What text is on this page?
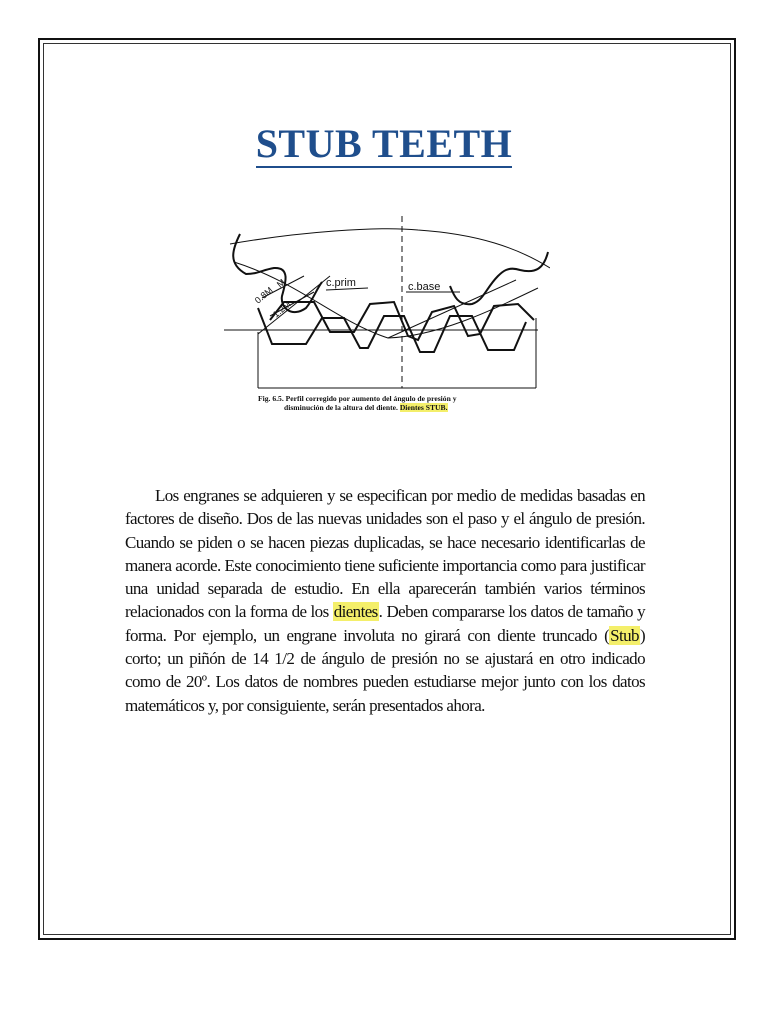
STUB TEETH
c.prim	c.base
0.8M
M
1.2M
Fig. 6.5. Perfil corregido por aumento del ángulo de presión y
disminución de la altura del diente. Dientes STUB.

Los engranes se adquieren y se especifican por medio de medidas basadas en factores de diseño. Dos de las nuevas unidades son el paso y el ángulo de presión. Cuando se piden o se hacen piezas duplicadas, se hace necesario identificarlas de manera acorde. Este conocimiento tiene suficiente importancia como para justificar una unidad separada de estudio. En ella aparecerán también varios términos relacionados con la forma de los dientes. Deben compararse los datos de tamaño y forma. Por ejemplo, un engrane involuta no girará con diente truncado (Stub) corto; un piñón de 14 1/2 de ángulo de presión no se ajustará en otro indicado como de 20º. Los datos de nombres pueden estudiarse mejor junto con los datos matemáticos y, por consiguiente, serán presentados ahora.
